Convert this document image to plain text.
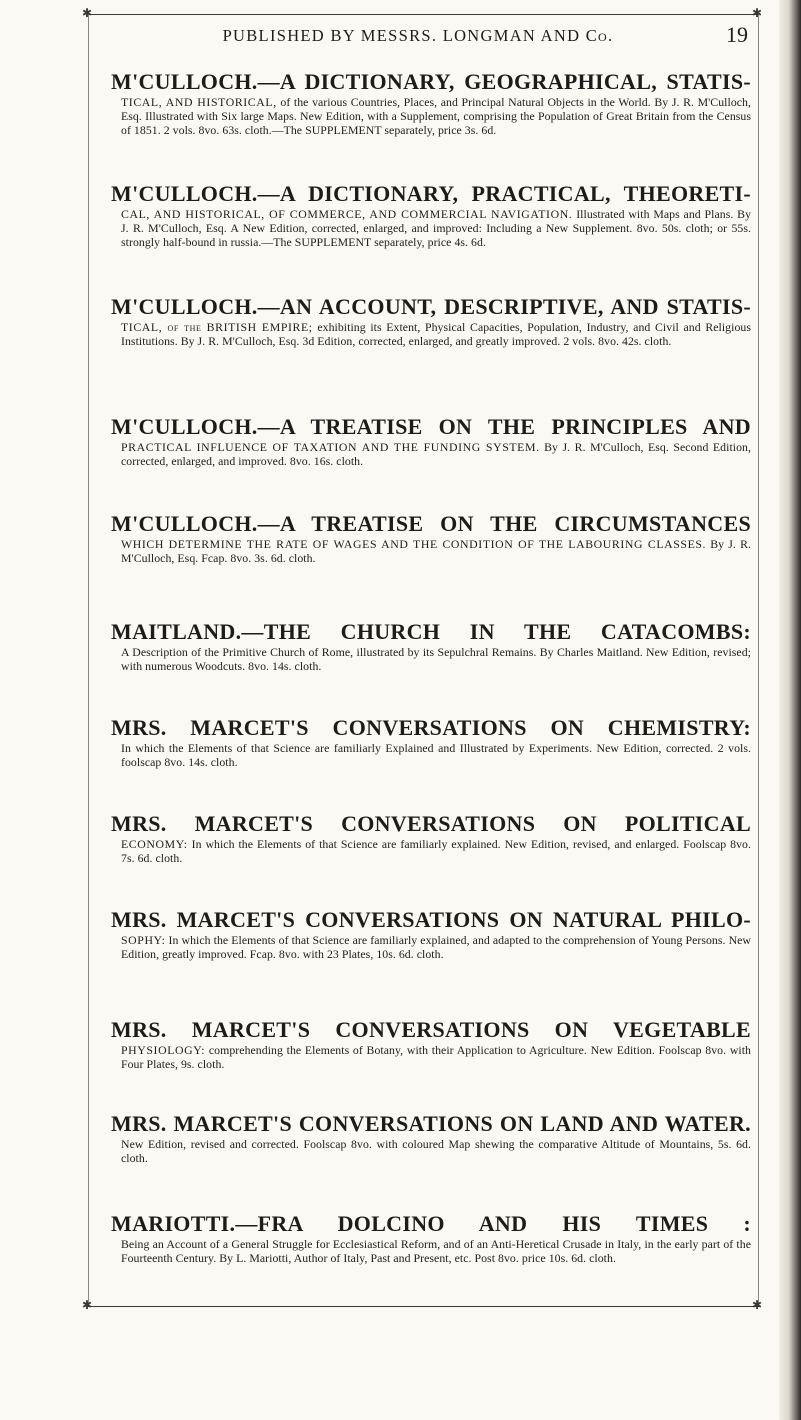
✱	✱
✱	✱
PUBLISHED BY MESSRS. LONGMAN AND Co.	19
M'CULLOCH.—A DICTIONARY, GEOGRAPHICAL, STATIS-

TICAL, AND HISTORICAL, of the various Countries, Places, and Principal Natural Objects in the World. By J. R. M'Culloch, Esq. Illustrated with Six large Maps. New Edition, with a Supplement, comprising the Population of Great Britain from the Census of 1851. 2 vols. 8vo. 63s. cloth.—The SUPPLEMENT separately, price 3s. 6d.

M'CULLOCH.—A DICTIONARY, PRACTICAL, THEORETI-

CAL, AND HISTORICAL, OF COMMERCE, AND COMMERCIAL NAVIGATION. Illustrated with Maps and Plans. By J. R. M'Culloch, Esq. A New Edition, corrected, enlarged, and improved: Including a New Supplement. 8vo. 50s. cloth; or 55s. strongly half-bound in russia.—The SUPPLEMENT separately, price 4s. 6d.

M'CULLOCH.—AN ACCOUNT, DESCRIPTIVE, AND STATIS-

TICAL, of the BRITISH EMPIRE; exhibiting its Extent, Physical Capacities, Population, Industry, and Civil and Religious Institutions. By J. R. M'Culloch, Esq. 3d Edition, corrected, enlarged, and greatly improved. 2 vols. 8vo. 42s. cloth.

M'CULLOCH.—A TREATISE ON THE PRINCIPLES AND

PRACTICAL INFLUENCE OF TAXATION AND THE FUNDING SYSTEM. By J. R. M'Culloch, Esq. Second Edition, corrected, enlarged, and improved. 8vo. 16s. cloth.

M'CULLOCH.—A TREATISE ON THE CIRCUMSTANCES

WHICH DETERMINE THE RATE OF WAGES AND THE CONDITION OF THE LABOURING CLASSES. By J. R. M'Culloch, Esq. Fcap. 8vo. 3s. 6d. cloth.

MAITLAND.—THE CHURCH IN THE CATACOMBS:

A Description of the Primitive Church of Rome, illustrated by its Sepulchral Remains. By Charles Maitland. New Edition, revised; with numerous Woodcuts. 8vo. 14s. cloth.

MRS. MARCET'S CONVERSATIONS ON CHEMISTRY:

In which the Elements of that Science are familiarly Explained and Illustrated by Experiments. New Edition, corrected. 2 vols. foolscap 8vo. 14s. cloth.

MRS. MARCET'S CONVERSATIONS ON POLITICAL

ECONOMY: In which the Elements of that Science are familiarly explained. New Edition, revised, and enlarged. Foolscap 8vo. 7s. 6d. cloth.

MRS. MARCET'S CONVERSATIONS ON NATURAL PHILO-

SOPHY: In which the Elements of that Science are familiarly explained, and adapted to the comprehension of Young Persons. New Edition, greatly improved. Fcap. 8vo. with 23 Plates, 10s. 6d. cloth.

MRS. MARCET'S CONVERSATIONS ON VEGETABLE

PHYSIOLOGY: comprehending the Elements of Botany, with their Application to Agriculture. New Edition. Foolscap 8vo. with Four Plates, 9s. cloth.

MRS. MARCET'S CONVERSATIONS ON LAND AND WATER.

New Edition, revised and corrected. Foolscap 8vo. with coloured Map shewing the comparative Altitude of Mountains, 5s. 6d. cloth.

MARIOTTI.—FRA DOLCINO AND HIS TIMES :

Being an Account of a General Struggle for Ecclesiastical Reform, and of an Anti-Heretical Crusade in Italy, in the early part of the Fourteenth Century. By L. Mariotti, Author of Italy, Past and Present, etc. Post 8vo. price 10s. 6d. cloth.
